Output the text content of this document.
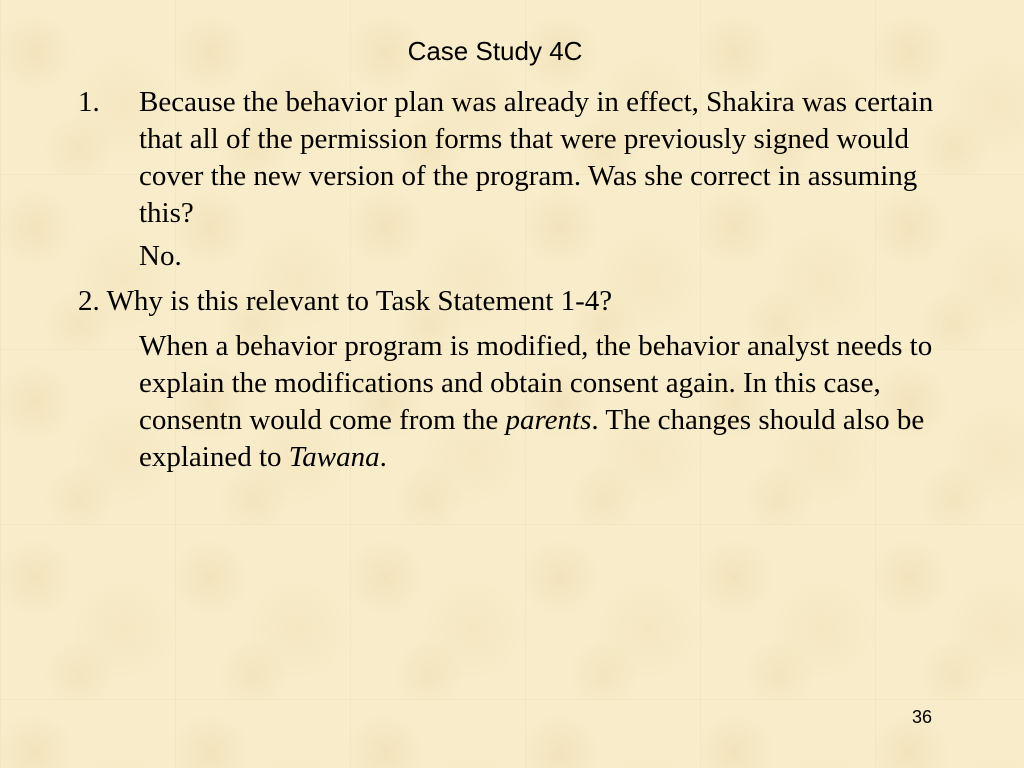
Case Study 4C
1.	Because the behavior plan was already in effect, Shakira was certain that all of the permission forms that were previously signed would cover the new version of the program. Was she correct in assuming this?
No.
2. Why is this relevant to Task Statement 1-4?
When a behavior program is modified, the behavior analyst needs to explain the modifications and obtain consent again. In this case, consentn would come from the parents. The changes should also be explained to Tawana.
36
